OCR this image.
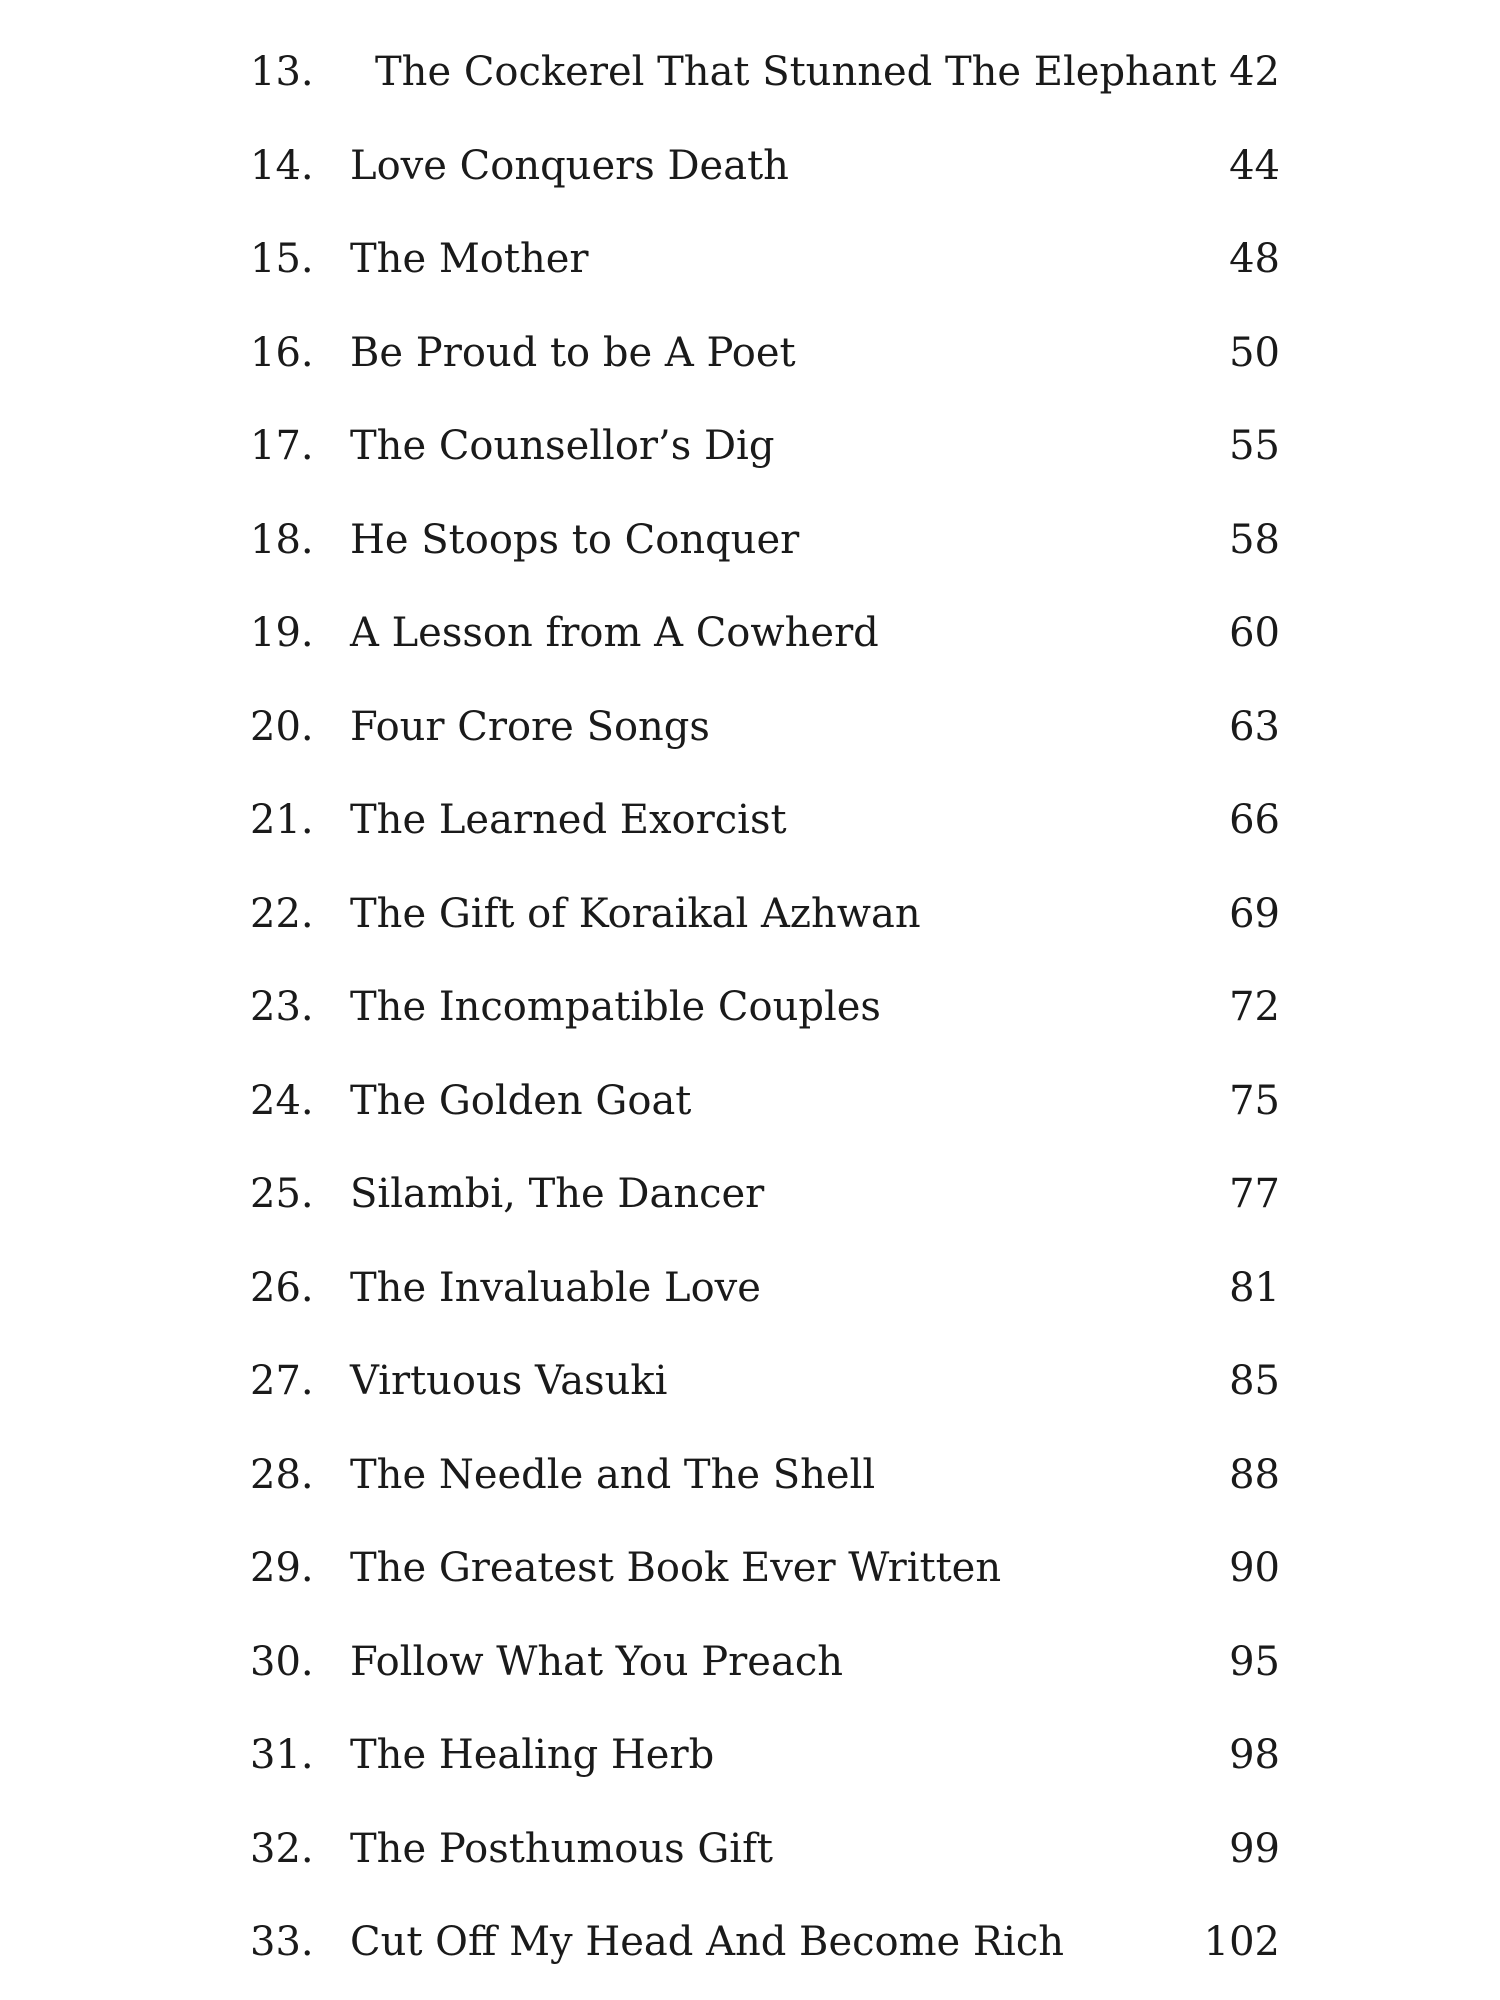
13. The Cockerel That Stunned The Elephant 42
14. Love Conquers Death	44
15. The Mother	48
16. Be Proud to be A Poet	50
17. The Counsellor’s Dig	55
18. He Stoops to Conquer	58
19. A Lesson from A Cowherd	60
20. Four Crore Songs	63
21. The Learned Exorcist	66
22. The Gift of Koraikal Azhwan	69
23. The Incompatible Couples	72
24. The Golden Goat	75
25. Silambi, The Dancer	77
26. The Invaluable Love	81
27. Virtuous Vasuki	85
28. The Needle and The Shell	88
29. The Greatest Book Ever Written	90
30. Follow What You Preach	95
31. The Healing Herb	98
32. The Posthumous Gift	99
33. Cut Off My Head And Become Rich	102
